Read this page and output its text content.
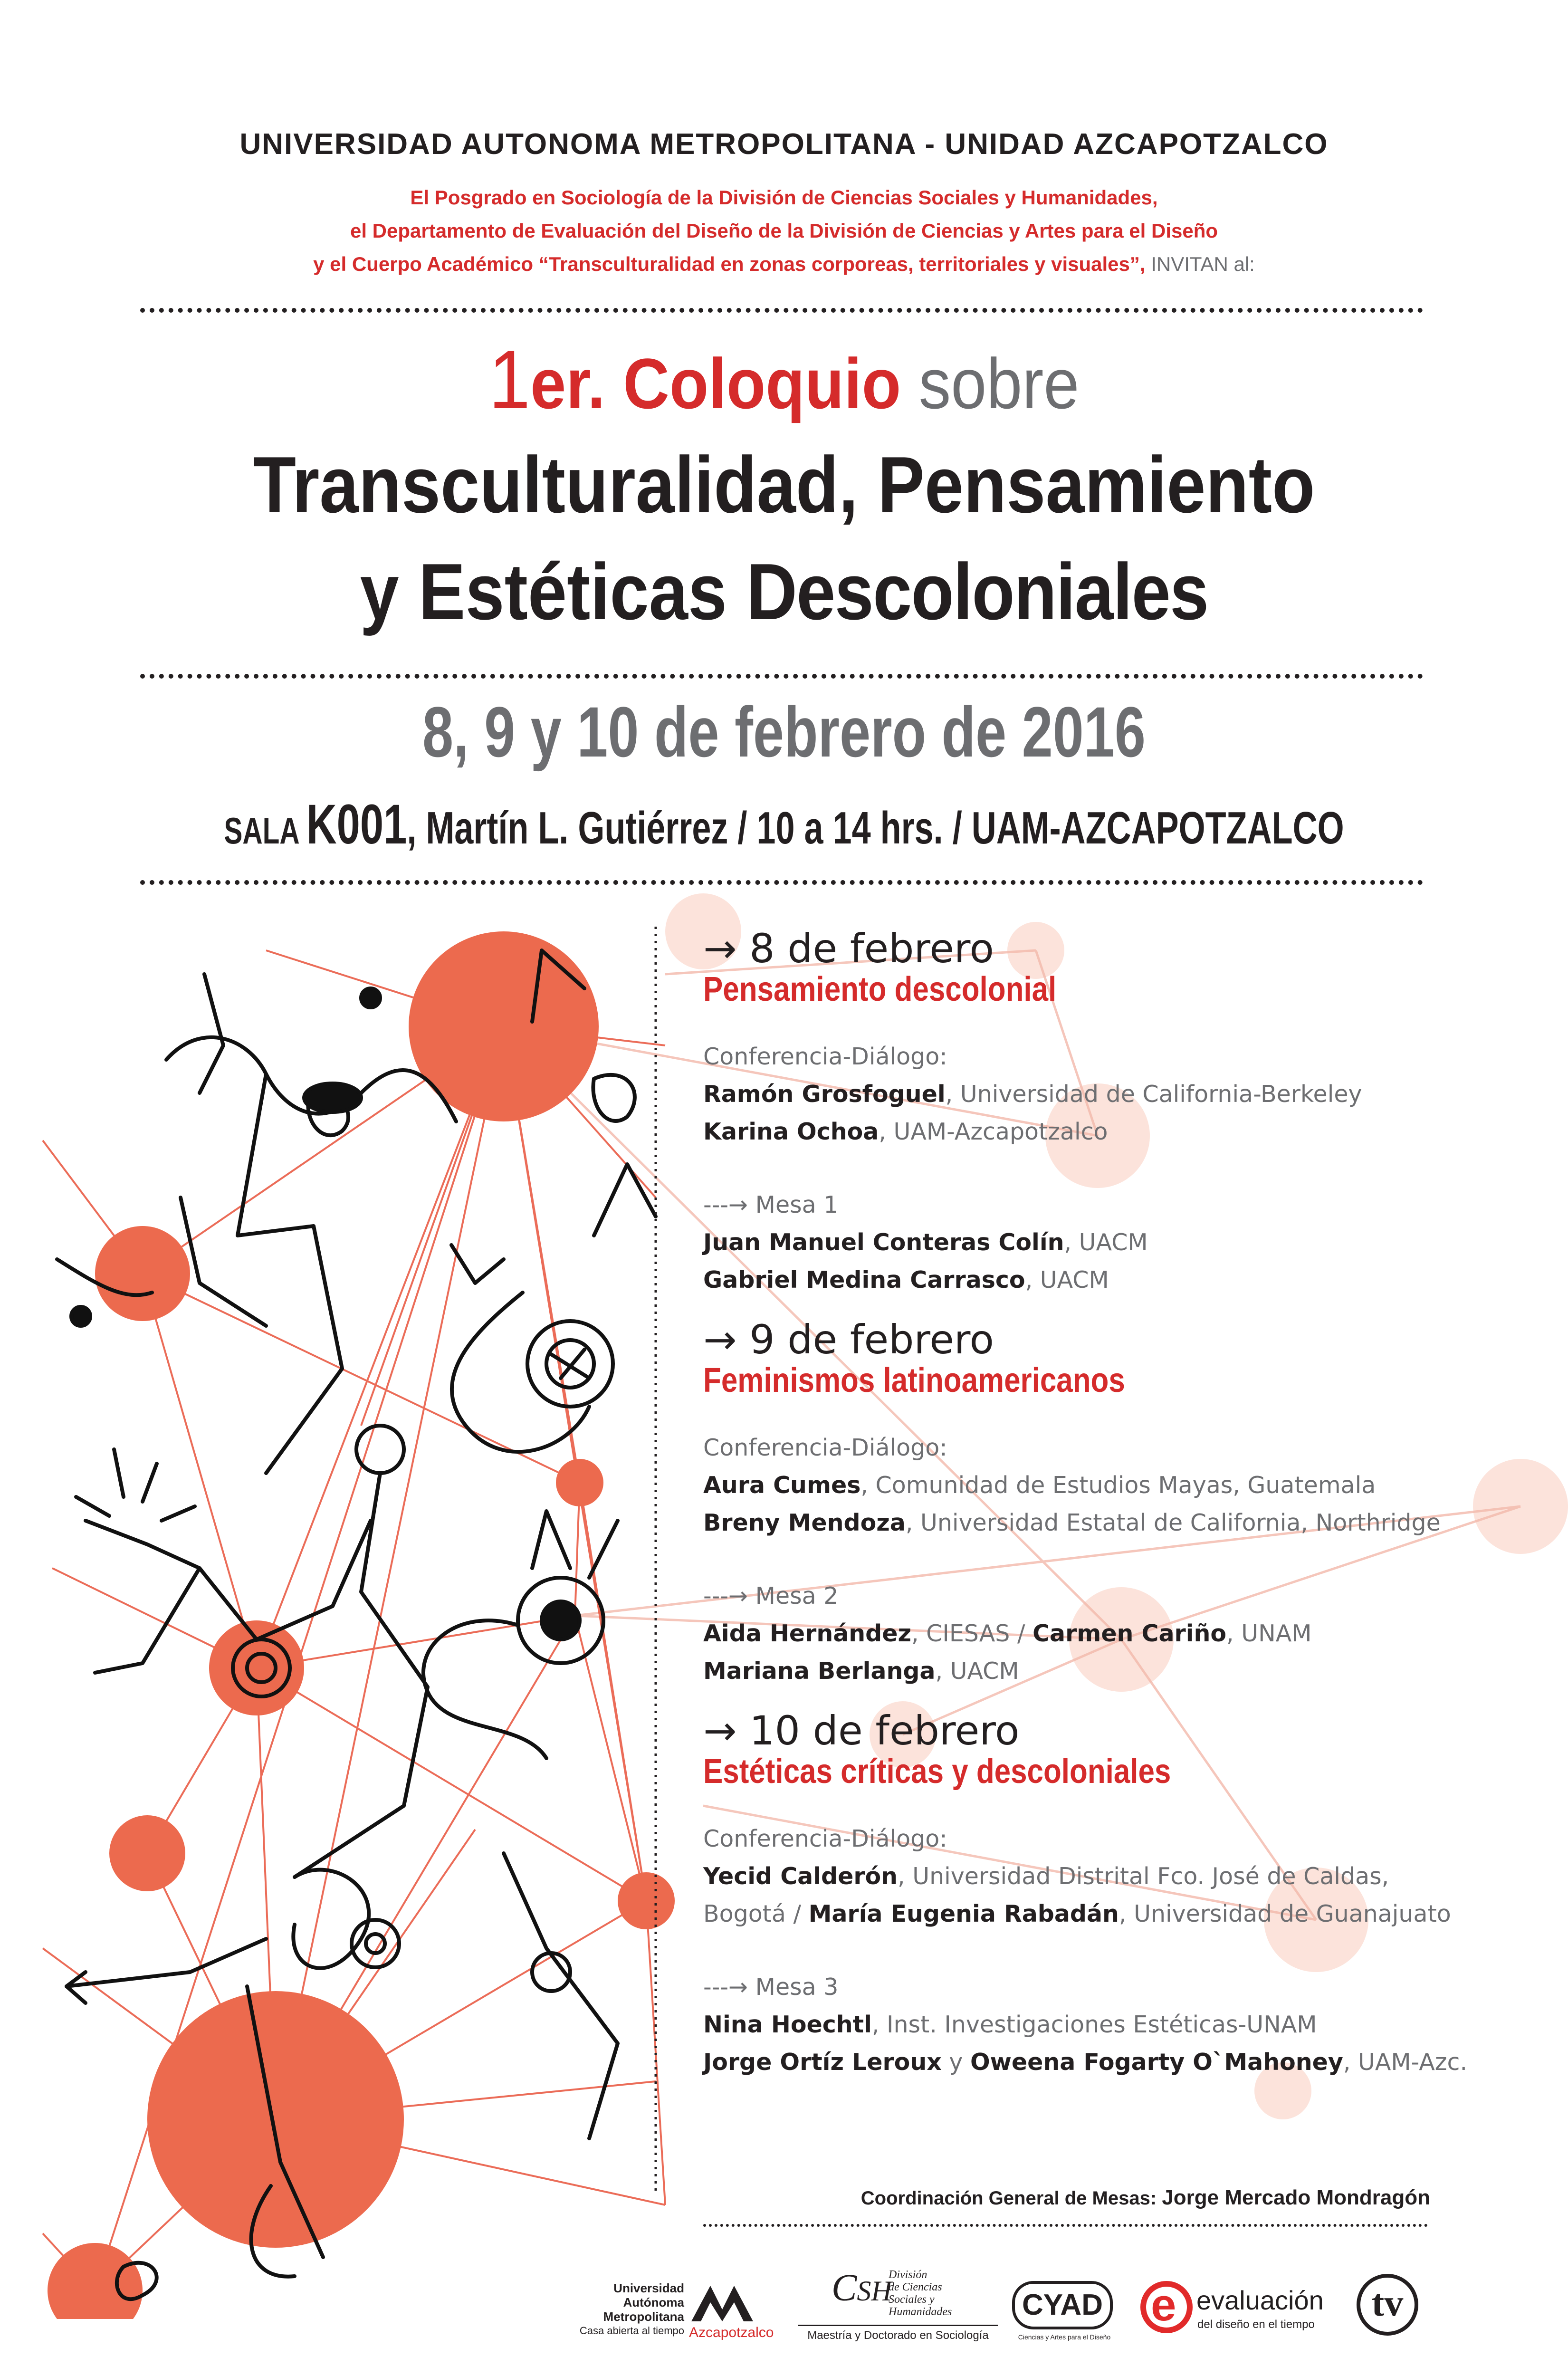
UNIVERSIDAD AUTONOMA METROPOLITANA - UNIDAD AZCAPOTZALCO
El Posgrado en Sociología de la División de Ciencias Sociales y Humanidades,
el Departamento de Evaluación del Diseño de la División de Ciencias y Artes para el Diseño
y el Cuerpo Académico “Transculturalidad en zonas corporeas, territoriales y visuales”, INVITAN al:
1er. Coloquio sobre
Transculturalidad, Pensamiento
y Estéticas Descoloniales
8, 9 y 10 de febrero de 2016
SALA K001, Martín L. Gutiérrez / 10 a 14 hrs. / UAM-AZCAPOTZALCO
→ 8 de febrero
Pensamiento descolonial
Conferencia-Diálogo:
Ramón Grosfoguel, Universidad de California-Berkeley
Karina Ochoa, UAM-Azcapotzalco
---→ Mesa 1
Juan Manuel Conteras Colín, UACM
Gabriel Medina Carrasco, UACM
→ 9 de febrero
Feminismos latinoamericanos
Conferencia-Diálogo:
Aura Cumes, Comunidad de Estudios Mayas, Guatemala
Breny Mendoza, Universidad Estatal de California, Northridge
---→ Mesa 2
Aida Hernández, CIESAS / Carmen Cariño, UNAM
Mariana Berlanga, UACM
→ 10 de febrero
Estéticas críticas y descoloniales
Conferencia-Diálogo:
Yecid Calderón, Universidad Distrital Fco. José de Caldas,
Bogotá / María Eugenia Rabadán, Universidad de Guanajuato
---→ Mesa 3
Nina Hoechtl, Inst. Investigaciones Estéticas-UNAM
Jorge Ortíz Leroux y Oweena Fogarty O`Mahoney, UAM-Azc.
Coordinación General de Mesas: Jorge Mercado Mondragón
Universidad
Autónoma
Metropolitana
Casa abierta al tiempo Azcapotzalco
CSH
División
de Ciencias
Sociales y
Humanidades
Maestría y Doctorado en Sociología
CYAD
Ciencias y Artes para el Diseño
e evaluación
del diseño en el tiempo
tv
